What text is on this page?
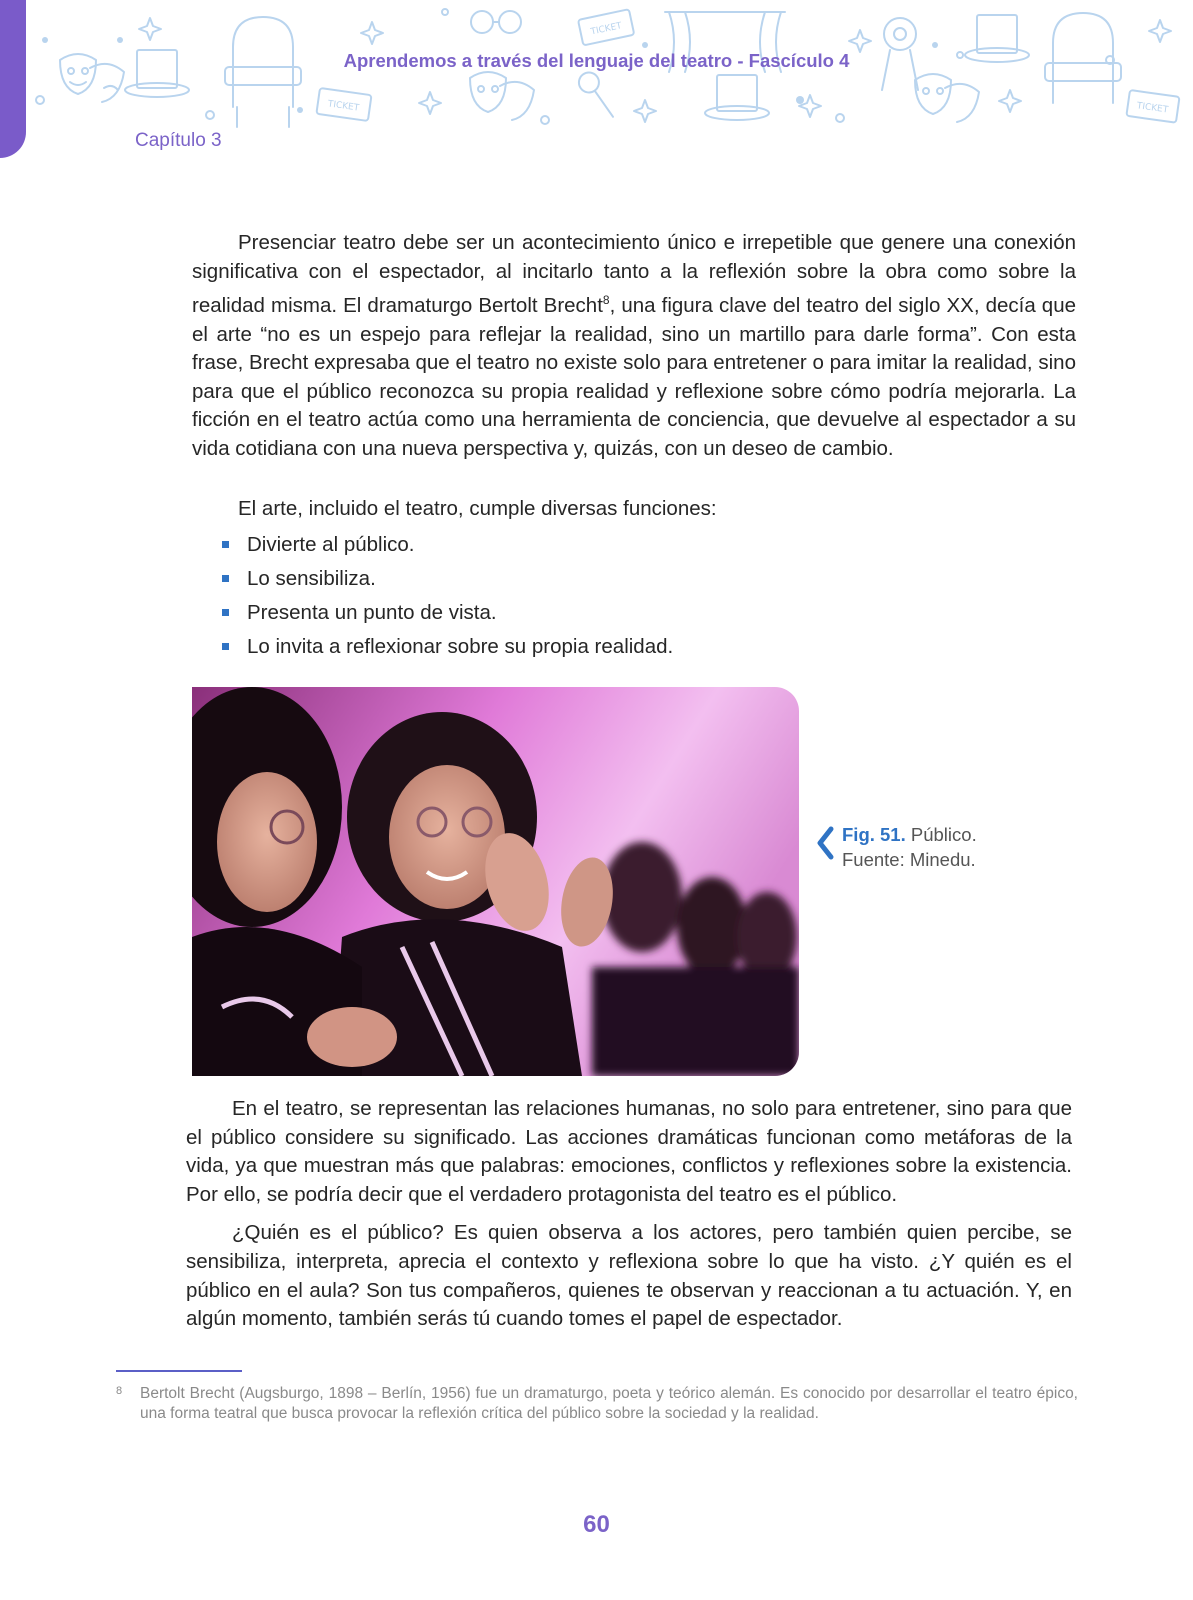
TICKET
TICKET
TICKET
Aprendemos a través del lenguaje del teatro - Fascículo 4
Capítulo 3

Presenciar teatro debe ser un acontecimiento único e irrepetible que genere una conexión significativa con el espectador, al incitarlo tanto a la reflexión sobre la obra como sobre la realidad misma. El dramaturgo Bertolt Brecht$^8$, una figura clave del teatro del siglo XX, decía que el arte “no es un espejo para reflejar la realidad, sino un martillo para darle forma”. Con esta frase, Brecht expresaba que el teatro no existe solo para entretener o para imitar la realidad, sino para que el público reconozca su propia realidad y reflexione sobre cómo podría mejorarla. La ficción en el teatro actúa como una herramienta de conciencia, que devuelve al espectador a su vida cotidiana con una nueva perspectiva y, quizás, con un deseo de cambio.

El arte, incluido el teatro, cumple diversas funciones:
Divierte al público.
Lo sensibiliza.
Presenta un punto de vista.
Lo invita a reflexionar sobre su propia realidad.
Fig. 51. Público.
Fuente: Minedu.

En el teatro, se representan las relaciones humanas, no solo para entretener, sino para que el público considere su significado. Las acciones dramáticas funcionan como metáforas de la vida, ya que muestran más que palabras: emociones, conflictos y reflexiones sobre la existencia. Por ello, se podría decir que el verdadero protagonista del teatro es el público.

¿Quién es el público? Es quien observa a los actores, pero también quien percibe, se sensibiliza, interpreta, aprecia el contexto y reflexiona sobre lo que ha visto. ¿Y quién es el público en el aula? Son tus compañeros, quienes te observan y reaccionan a tu actuación. Y, en algún momento, también serás tú cuando tomes el papel de espectador.

8 Bertolt Brecht (Augsburgo, 1898 – Berlín, 1956) fue un dramaturgo, poeta y teórico alemán. Es conocido por desarrollar el teatro épico, una forma teatral que busca provocar la reflexión crítica del público sobre la sociedad y la realidad.
60
